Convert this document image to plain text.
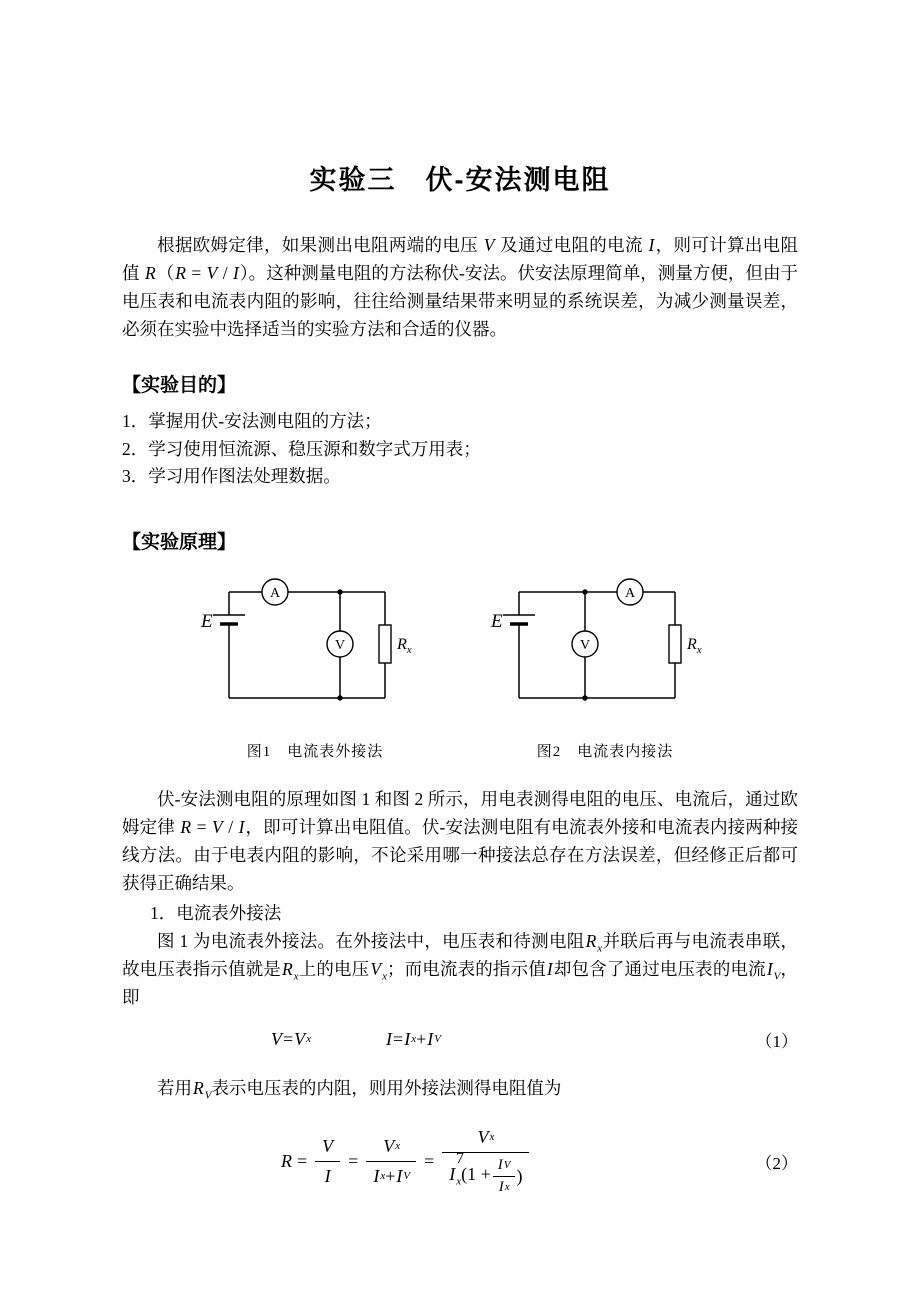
实验三　伏-安法测电阻
根据欧姆定律，如果测出电阻两端的电压 V 及通过电阻的电流 I，则可计算出电阻值 R（R = V / I）。这种测量电阻的方法称伏-安法。伏安法原理简单，测量方便，但由于电压表和电流表内阻的影响，往往给测量结果带来明显的系统误差，为减少测量误差，必须在实验中选择适当的实验方法和合适的仪器。
【实验目的】
1．掌握用伏-安法测电阻的方法；
2．学习使用恒流源、稳压源和数字式万用表；
3．学习用作图法处理数据。
【实验原理】
A
V
E
$R_x$
图1　电流表外接法
A
V
E
$R_x$
图2　电流表内接法
伏-安法测电阻的原理如图 1 和图 2 所示，用电表测得电阻的电压、电流后，通过欧姆定律 R = V / I，即可计算出电阻值。伏-安法测电阻有电流表外接和电流表内接两种接线方法。由于电表内阻的影响，不论采用哪一种接法总存在方法误差，但经修正后都可获得正确结果。
1．电流表外接法
图 1 为电流表外接法。在外接法中，电压表和待测电阻$R_x$并联后再与电流表串联，故电压表指示值就是$R_x$上的电压$V_x$；而电流表的指示值I却包含了通过电压表的电流$I_V$，即
V = V x	I = I x + I V	（1）
若用$R_V$表示电压表的内阻，则用外接法测得电阻值为
$R = \frac{V}{I} = \frac{\text{V x}}{\text{I x + I V}}$ =
V x
$I_x(1 + \frac{\text{I V}}{\text{I x}}$ )
（2）
7
